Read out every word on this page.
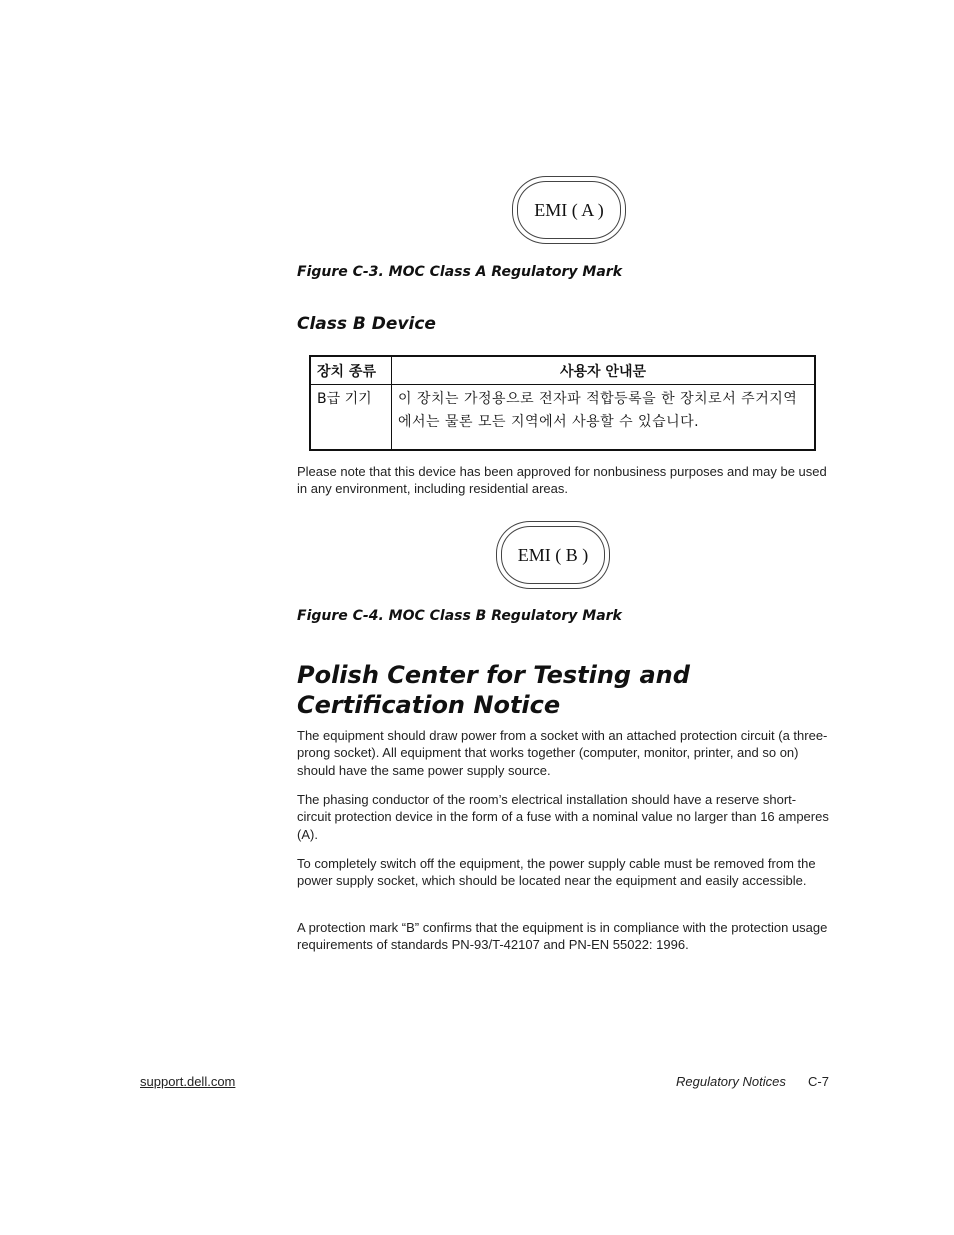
EMI ( A )
Figure C-3. MOC Class A Regulatory Mark
Class B Device
장치 종류	사용자 안내문
B급 기기	이 장치는 가정용으로 전자파 적합등록을 한 장치로서 주거지역에서는 물론 모든 지역에서 사용할 수 있습니다.
Please note that this device has been approved for nonbusiness purposes and may be used in any environment, including residential areas.
EMI ( B )
Figure C-4. MOC Class B Regulatory Mark
Polish Center for Testing and Certification Notice
The equipment should draw power from a socket with an attached protection circuit (a three-prong socket). All equipment that works together (computer, monitor, printer, and so on) should have the same power supply source.
The phasing conductor of the room’s electrical installation should have a reserve short-circuit protection device in the form of a fuse with a nominal value no larger than 16 amperes (A).
To completely switch off the equipment, the power supply cable must be removed from the power supply socket, which should be located near the equipment and easily accessible.
A protection mark “B” confirms that the equipment is in compliance with the protection usage requirements of standards PN-93/T-42107 and PN-EN 55022: 1996.
support.dell.com	Regulatory Notices C-7
